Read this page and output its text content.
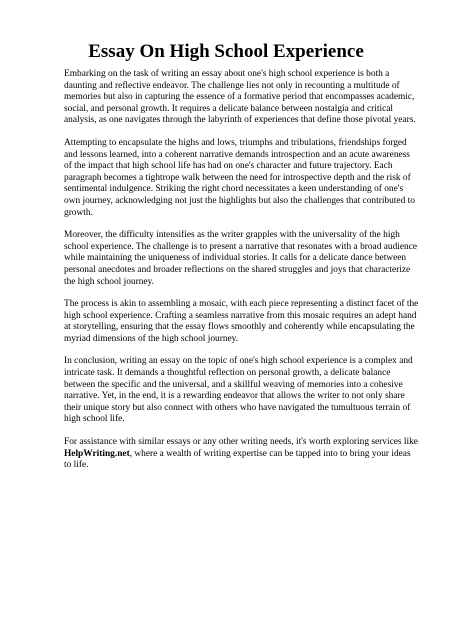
Essay On High School Experience

Embarking on the task of writing an essay about one's high school experience is both a daunting and reflective endeavor. The challenge lies not only in recounting a multitude of memories but also in capturing the essence of a formative period that encompasses academic, social, and personal growth. It requires a delicate balance between nostalgia and critical analysis, as one navigates through the labyrinth of experiences that define those pivotal years.

Attempting to encapsulate the highs and lows, triumphs and tribulations, friendships forged and lessons learned, into a coherent narrative demands introspection and an acute awareness of the impact that high school life has had on one's character and future trajectory. Each paragraph becomes a tightrope walk between the need for introspective depth and the risk of sentimental indulgence. Striking the right chord necessitates a keen understanding of one's own journey, acknowledging not just the highlights but also the challenges that contributed to growth.

Moreover, the difficulty intensifies as the writer grapples with the universality of the high school experience. The challenge is to present a narrative that resonates with a broad audience while maintaining the uniqueness of individual stories. It calls for a delicate dance between personal anecdotes and broader reflections on the shared struggles and joys that characterize the high school journey.

The process is akin to assembling a mosaic, with each piece representing a distinct facet of the high school experience. Crafting a seamless narrative from this mosaic requires an adept hand at storytelling, ensuring that the essay flows smoothly and coherently while encapsulating the myriad dimensions of the high school journey.

In conclusion, writing an essay on the topic of one's high school experience is a complex and intricate task. It demands a thoughtful reflection on personal growth, a delicate balance between the specific and the universal, and a skillful weaving of memories into a cohesive narrative. Yet, in the end, it is a rewarding endeavor that allows the writer to not only share their unique story but also connect with others who have navigated the tumultuous terrain of high school life.

For assistance with similar essays or any other writing needs, it's worth exploring services like HelpWriting.net, where a wealth of writing expertise can be tapped into to bring your ideas to life.
